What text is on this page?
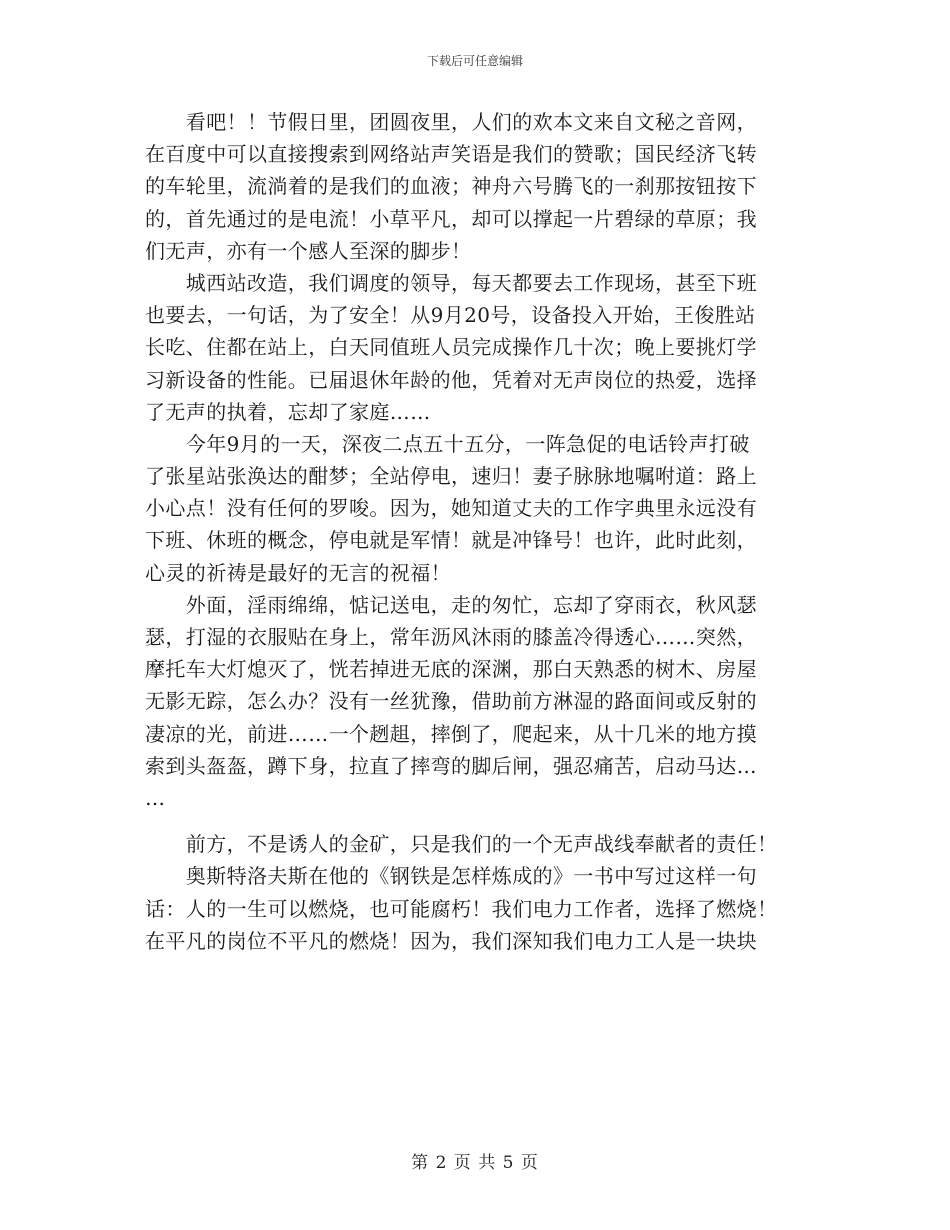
下载后可任意编辑
　　看吧！！节假日里，团圆夜里，人们的欢本文来自文秘之音网，
在百度中可以直接搜索到网络站声笑语是我们的赞歌；国民经济飞转
的车轮里，流淌着的是我们的血液；神舟六号腾飞的一刹那按钮按下
的，首先通过的是电流！小草平凡，却可以撑起一片碧绿的草原；我
们无声，亦有一个感人至深的脚步！
　　城西站改造，我们调度的领导，每天都要去工作现场，甚至下班
也要去，一句话，为了安全！从9月20号，设备投入开始，王俊胜站
长吃、住都在站上，白天同值班人员完成操作几十次；晚上要挑灯学
习新设备的性能。已届退休年龄的他，凭着对无声岗位的热爱，选择
了无声的执着，忘却了家庭……
　　今年9月的一天，深夜二点五十五分，一阵急促的电话铃声打破
了张星站张涣达的酣梦；全站停电，速归！妻子脉脉地嘱咐道：路上
小心点！没有任何的罗唆。因为，她知道丈夫的工作字典里永远没有
下班、休班的概念，停电就是军情！就是冲锋号！也许，此时此刻，
心灵的祈祷是最好的无言的祝福！
　　外面，淫雨绵绵，惦记送电，走的匆忙，忘却了穿雨衣，秋风瑟
瑟，打湿的衣服贴在身上，常年沥风沐雨的膝盖冷得透心……突然，
摩托车大灯熄灭了，恍若掉进无底的深渊，那白天熟悉的树木、房屋
无影无踪，怎么办？没有一丝犹豫，借助前方淋湿的路面间或反射的
凄凉的光，前进……一个趔趄，摔倒了，爬起来，从十几米的地方摸
索到头盔盔，蹲下身，拉直了摔弯的脚后闸，强忍痛苦，启动马达…
…
　　前方，不是诱人的金矿，只是我们的一个无声战线奉献者的责任！
　　奥斯特洛夫斯在他的《钢铁是怎样炼成的》一书中写过这样一句
话：人的一生可以燃烧，也可能腐朽！我们电力工作者，选择了燃烧！
在平凡的岗位不平凡的燃烧！因为，我们深知我们电力工人是一块块
第 2 页 共 5 页
